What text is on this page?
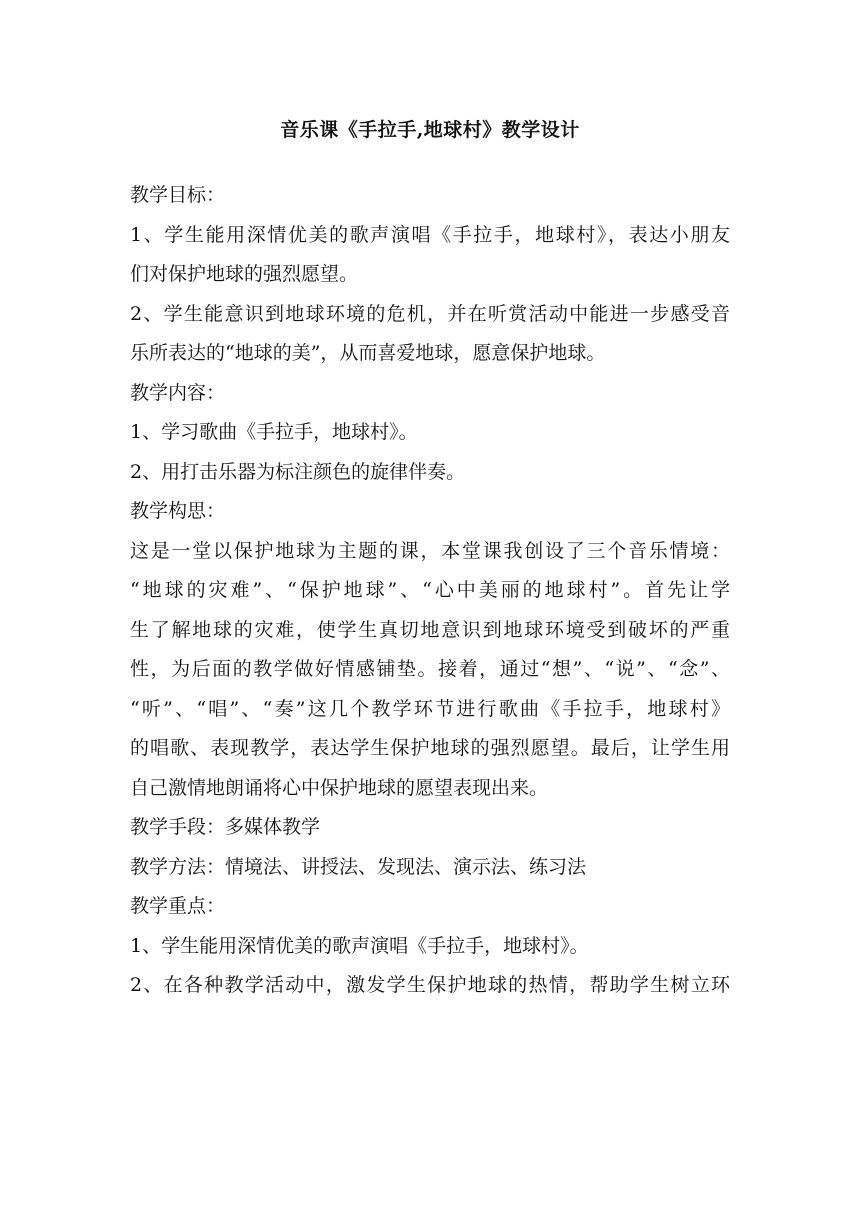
音乐课《手拉手,地球村》教学设计
教学目标：
1、学生能用深情优美的歌声演唱《手拉手，地球村》，表达小朋友
们对保护地球的强烈愿望。
2、学生能意识到地球环境的危机，并在听赏活动中能进一步感受音
乐所表达的“地球的美”，从而喜爱地球，愿意保护地球。
教学内容：
1、学习歌曲《手拉手，地球村》。
2、用打击乐器为标注颜色的旋律伴奏。
教学构思：
这是一堂以保护地球为主题的课，本堂课我创设了三个音乐情境：
“地球的灾难”、“保护地球”、“心中美丽的地球村”。首先让学
生了解地球的灾难，使学生真切地意识到地球环境受到破坏的严重
性，为后面的教学做好情感铺垫。接着，通过“想”、“说”、“念”、
“听”、“唱”、“奏”这几个教学环节进行歌曲《手拉手，地球村》
的唱歌、表现教学，表达学生保护地球的强烈愿望。最后，让学生用
自己激情地朗诵将心中保护地球的愿望表现出来。
教学手段：多媒体教学
教学方法：情境法、讲授法、发现法、演示法、练习法
教学重点：
1、学生能用深情优美的歌声演唱《手拉手，地球村》。
2、在各种教学活动中，激发学生保护地球的热情，帮助学生树立环
